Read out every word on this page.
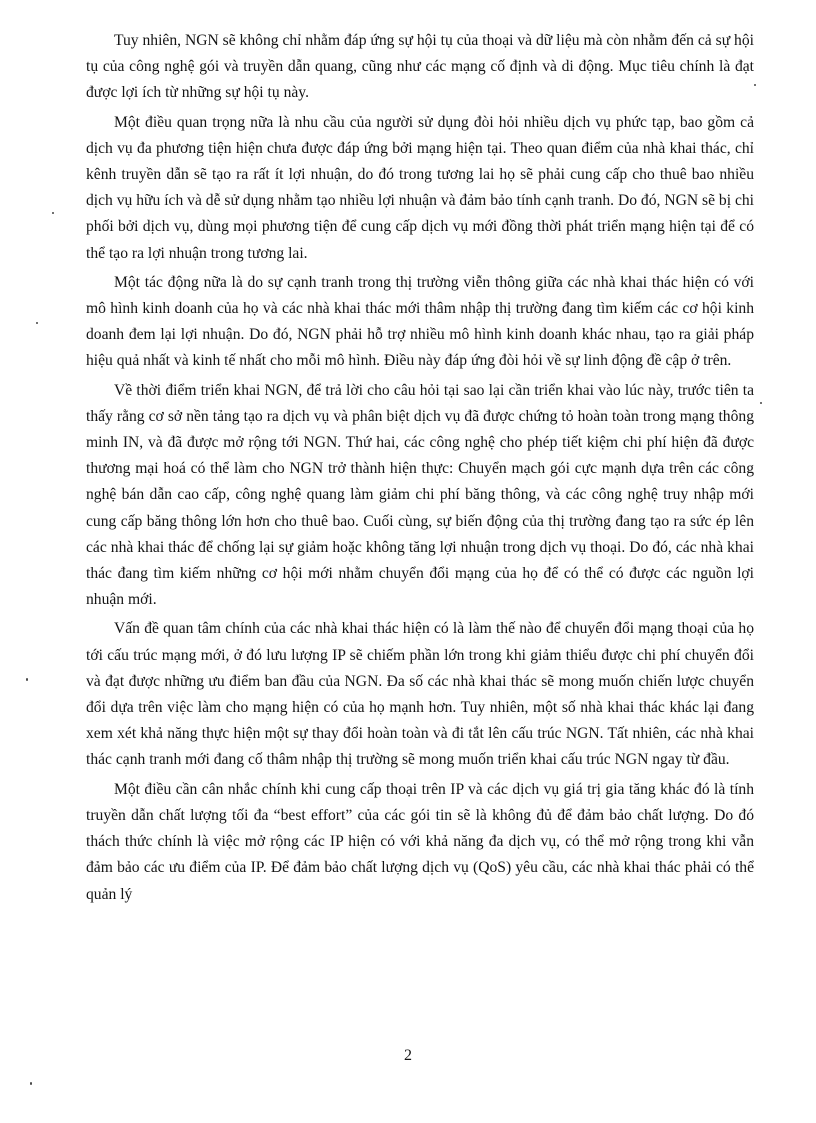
Tuy nhiên, NGN sẽ không chỉ nhằm đáp ứng sự hội tụ của thoại và dữ liệu mà còn nhằm đến cả sự hội tụ của công nghệ gói và truyền dẫn quang, cũng như các mạng cố định và di động. Mục tiêu chính là đạt được lợi ích từ những sự hội tụ này.

Một điều quan trọng nữa là nhu cầu của người sử dụng đòi hỏi nhiều dịch vụ phức tạp, bao gồm cả dịch vụ đa phương tiện hiện chưa được đáp ứng bởi mạng hiện tại. Theo quan điểm của nhà khai thác, chỉ kênh truyền dẫn sẽ tạo ra rất ít lợi nhuận, do đó trong tương lai họ sẽ phải cung cấp cho thuê bao nhiều dịch vụ hữu ích và dễ sử dụng nhằm tạo nhiều lợi nhuận và đảm bảo tính cạnh tranh. Do đó, NGN sẽ bị chi phối bởi dịch vụ, dùng mọi phương tiện để cung cấp dịch vụ mới đồng thời phát triển mạng hiện tại để có thể tạo ra lợi nhuận trong tương lai.

Một tác động nữa là do sự cạnh tranh trong thị trường viễn thông giữa các nhà khai thác hiện có với mô hình kinh doanh của họ và các nhà khai thác mới thâm nhập thị trường đang tìm kiếm các cơ hội kinh doanh đem lại lợi nhuận. Do đó, NGN phải hỗ trợ nhiều mô hình kinh doanh khác nhau, tạo ra giải pháp hiệu quả nhất và kinh tế nhất cho mỗi mô hình. Điều này đáp ứng đòi hỏi về sự linh động đề cập ở trên.

Về thời điểm triển khai NGN, để trả lời cho câu hỏi tại sao lại cần triển khai vào lúc này, trước tiên ta thấy rằng cơ sở nền tảng tạo ra dịch vụ và phân biệt dịch vụ đã được chứng tỏ hoàn toàn trong mạng thông minh IN, và đã được mở rộng tới NGN. Thứ hai, các công nghệ cho phép tiết kiệm chi phí hiện đã được thương mại hoá có thể làm cho NGN trở thành hiện thực: Chuyển mạch gói cực mạnh dựa trên các công nghệ bán dẫn cao cấp, công nghệ quang làm giảm chi phí băng thông, và các công nghệ truy nhập mới cung cấp băng thông lớn hơn cho thuê bao. Cuối cùng, sự biến động của thị trường đang tạo ra sức ép lên các nhà khai thác để chống lại sự giảm hoặc không tăng lợi nhuận trong dịch vụ thoại. Do đó, các nhà khai thác đang tìm kiếm những cơ hội mới nhằm chuyển đổi mạng của họ để có thể có được các nguồn lợi nhuận mới.

Vấn đề quan tâm chính của các nhà khai thác hiện có là làm thế nào để chuyển đổi mạng thoại của họ tới cấu trúc mạng mới, ở đó lưu lượng IP sẽ chiếm phần lớn trong khi giảm thiểu được chi phí chuyển đổi và đạt được những ưu điểm ban đầu của NGN. Đa số các nhà khai thác sẽ mong muốn chiến lược chuyển đổi dựa trên việc làm cho mạng hiện có của họ mạnh hơn. Tuy nhiên, một số nhà khai thác khác lại đang xem xét khả năng thực hiện một sự thay đổi hoàn toàn và đi tắt lên cấu trúc NGN. Tất nhiên, các nhà khai thác cạnh tranh mới đang cố thâm nhập thị trường sẽ mong muốn triển khai cấu trúc NGN ngay từ đầu.

Một điều cần cân nhắc chính khi cung cấp thoại trên IP và các dịch vụ giá trị gia tăng khác đó là tính truyền dẫn chất lượng tối đa “best effort” của các gói tin sẽ là không đủ để đảm bảo chất lượng. Do đó thách thức chính là việc mở rộng các IP hiện có với khả năng đa dịch vụ, có thể mở rộng trong khi vẫn đảm bảo các ưu điểm của IP. Để đảm bảo chất lượng dịch vụ (QoS) yêu cầu, các nhà khai thác phải có thể quản lý

2
